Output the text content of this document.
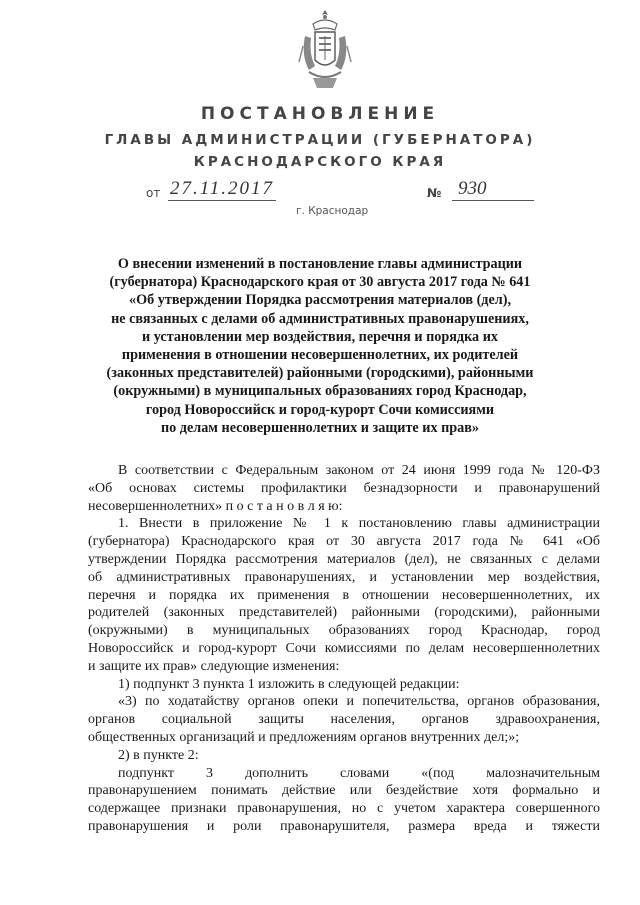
ПОСТАНОВЛЕНИЕ
ГЛАВЫ АДМИНИСТРАЦИИ (ГУБЕРНАТОРА)
КРАСНОДАРСКОГО КРАЯ
от 27.11.2017	№ 930
г. Краснодар
О внесении изменений в постановление главы администрации
(губернатора) Краснодарского края от 30 августа 2017 года № 641
«Об утверждении Порядка рассмотрения материалов (дел),
не связанных с делами об административных правонарушениях,
и установлении мер воздействия, перечня и порядка их
применения в отношении несовершеннолетних, их родителей
(законных представителей) районными (городскими), районными
(окружными) в муниципальных образованиях город Краснодар,
город Новороссийск и город-курорт Сочи комиссиями
по делам несовершеннолетних и защите их прав»
В соответствии с Федеральным законом от 24 июня 1999 года № 120-ФЗ
«Об основах системы профилактики безнадзорности и правонарушений
несовершеннолетних» п о с т а н о в л я ю:
1. Внести в приложение № 1 к постановлению главы администрации
(губернатора) Краснодарского края от 30 августа 2017 года № 641 «Об
утверждении Порядка рассмотрения материалов (дел), не связанных с делами
об административных правонарушениях, и установлении мер воздействия,
перечня и порядка их применения в отношении несовершеннолетних, их
родителей (законных представителей) районными (городскими), районными
(окружными) в муниципальных образованиях город Краснодар, город
Новороссийск и город-курорт Сочи комиссиями по делам несовершеннолетних
и защите их прав» следующие изменения:
1) подпункт 3 пункта 1 изложить в следующей редакции:
«3) по ходатайству органов опеки и попечительства, органов образования,
органов социальной защиты населения, органов здравоохранения,
общественных организаций и предложениям органов внутренних дел;»;
2) в пункте 2:
подпункт 3 дополнить словами «(под малозначительным
правонарушением понимать действие или бездействие хотя формально и
содержащее признаки правонарушения, но с учетом характера совершенного
правонарушения и роли правонарушителя, размера вреда и тяжести
